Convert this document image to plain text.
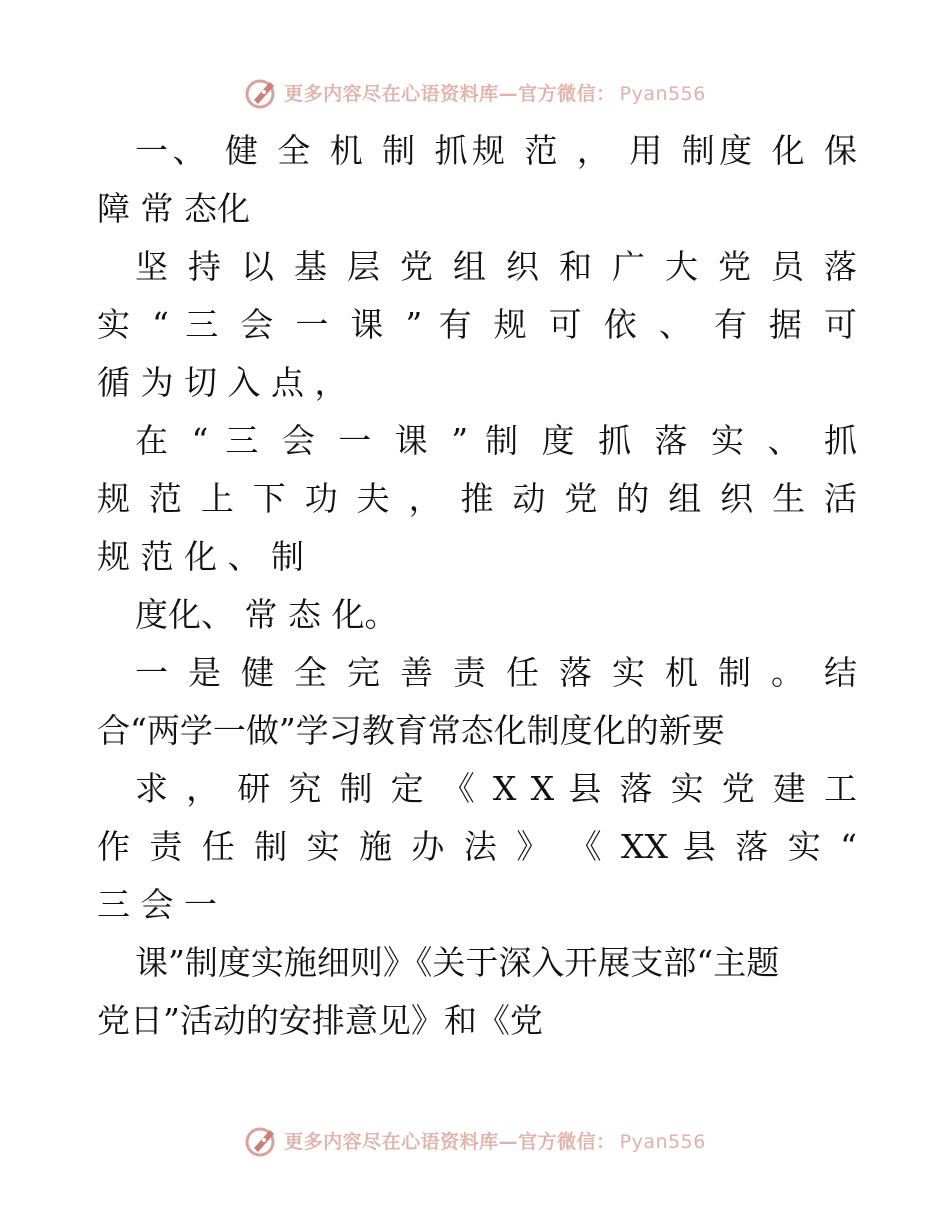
更多内容尽在心语资料库—官方微信： Pyan556
一、 健 全 机 制 抓规 范 ， 用 制度 化 保
障 常 态化
坚 持 以 基 层 党 组 织 和 广 大 党 员 落
实 “ 三 会 一 课 ” 有 规 可 依 、 有 据 可
循 为 切 入 点 ，
在 “ 三 会 一 课 ” 制 度 抓 落 实 、 抓
规 范 上 下 功 夫 ， 推 动 党 的 组 织 生 活
规 范 化 、 制
度化、 常 态 化。
一 是 健 全 完 善 责 任 落 实 机 制 。 结
合“两学一做”学习教育常态化制度化的新要
求 ， 研 究 制 定 《 X X 县 落 实 党 建 工
作 责 任 制 实 施 办 法 》 《 XX 县 落 实 “
三 会 一
课”制度实施细则》《关于深入开展支部“主题
党日”活动的安排意见》和《党
更多内容尽在心语资料库—官方微信： Pyan556
